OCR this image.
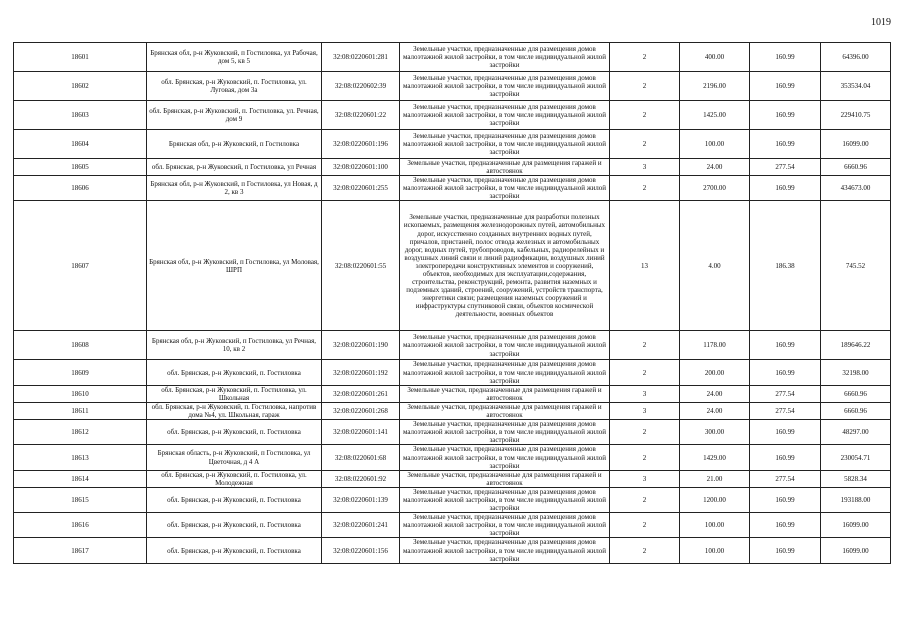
1019
18601	Брянская обл, р-н Жуковский, п Гостиловка, ул Рабочая, дом 5, кв 5	32:08:0220601:281	Земельные участки, предназначенные для размещения домов малоэтажной жилой застройки, в том числе индивидуальной жилой застройки	2	400.00	160.99	64396.00
18602	обл. Брянская, р-н Жуковский, п. Гостиловка, ул. Луговая, дом 3а	32:08:0220602:39	Земельные участки, предназначенные для размещения домов малоэтажной жилой застройки, в том числе индивидуальной жилой застройки	2	2196.00	160.99	353534.04
18603	обл. Брянская, р-н Жуковский, п. Гостиловка, ул. Речная, дом 9	32:08:0220601:22	Земельные участки, предназначенные для размещения домов малоэтажной жилой застройки, в том числе индивидуальной жилой застройки	2	1425.00	160.99	229410.75
18604	Брянская обл, р-н Жуковский, п Гостиловка	32:08:0220601:196	Земельные участки, предназначенные для размещения домов малоэтажной жилой застройки, в том числе индивидуальной жилой застройки	2	100.00	160.99	16099.00
18605	обл. Брянская, р-н Жуковский, п Гостиловка, ул Речная	32:08:0220601:100	Земельные участки, предназначенные для размещения гаражей и автостоянок	3	24.00	277.54	6660.96
18606	Брянская обл, р-н Жуковский, п Гостиловка, ул Новая, д 2, кв 3	32:08:0220601:255	Земельные участки, предназначенные для размещения домов малоэтажной жилой застройки, в том числе индивидуальной жилой застройки	2	2700.00	160.99	434673.00
18607	Брянская обл, р-н Жуковский, п Гостиловка, ул Моловая, ШРП	32:08:0220601:55	Земельные участки, предназначенные для разработки полезных ископаемых, размещения железнодорожных путей, автомобильных дорог, искусственно созданных внутренних водных путей, причалов, пристаней, полос отвода железных и автомобильных дорог, водных путей, трубопроводов, кабельных, радиорелейных и воздушных линий связи и линий радиофикации, воздушных линий электропередачи конструктивных элементов и сооружений, объектов, необходимых для эксплуатации,содержания, строительства, реконструкций, ремонта, развития наземных и подземных зданий, строений, сооружений, устройств транспорта, энергетики связи; размещения наземных сооружений и инфраструктуры спутниковой связи, объектов космической деятельности, военных объектов	13	4.00	186.38	745.52
18608	Брянская обл, р-н Жуковский, п Гостиловка, ул Речная, 10, кв 2	32:08:0220601:190	Земельные участки, предназначенные для размещения домов малоэтажной жилой застройки, в том числе индивидуальной жилой застройки	2	1178.00	160.99	189646.22
18609	обл. Брянская, р-н Жуковский, п. Гостиловка	32:08:0220601:192	Земельные участки, предназначенные для размещения домов малоэтажной жилой застройки, в том числе индивидуальной жилой застройки	2	200.00	160.99	32198.00
18610	обл. Брянская, р-н Жуковский, п. Гостиловка, ул. Школьная	32:08:0220601:261	Земельные участки, предназначенные для размещения гаражей и автостоянок	3	24.00	277.54	6660.96
18611	обл. Брянская, р-н Жуковский, п. Гостиловка, напротив дома №4, ул. Школьная, гараж	32:08:0220601:268	Земельные участки, предназначенные для размещения гаражей и автостоянок	3	24.00	277.54	6660.96
18612	обл. Брянская, р-н Жуковский, п. Гостиловка	32:08:0220601:141	Земельные участки, предназначенные для размещения домов малоэтажной жилой застройки, в том числе индивидуальной жилой застройки	2	300.00	160.99	48297.00
18613	Брянская область, р-н Жуковский, п Гостиловка, ул Цветочная, д 4 А	32:08:0220601:68	Земельные участки, предназначенные для размещения домов малоэтажной жилой застройки, в том числе индивидуальной жилой застройки	2	1429.00	160.99	230054.71
18614	обл. Брянская, р-н Жуковский, п. Гостиловка, ул. Молодежная	32:08:0220601:92	Земельные участки, предназначенные для размещения гаражей и автостоянок	3	21.00	277.54	5828.34
18615	обл. Брянская, р-н Жуковский, п. Гостиловка	32:08:0220601:139	Земельные участки, предназначенные для размещения домов малоэтажной жилой застройки, в том числе индивидуальной жилой застройки	2	1200.00	160.99	193188.00
18616	обл. Брянская, р-н Жуковский, п. Гостиловка	32:08:0220601:241	Земельные участки, предназначенные для размещения домов малоэтажной жилой застройки, в том числе индивидуальной жилой застройки	2	100.00	160.99	16099.00
18617	обл. Брянская, р-н Жуковский, п. Гостиловка	32:08:0220601:156	Земельные участки, предназначенные для размещения домов малоэтажной жилой застройки, в том числе индивидуальной жилой застройки	2	100.00	160.99	16099.00
